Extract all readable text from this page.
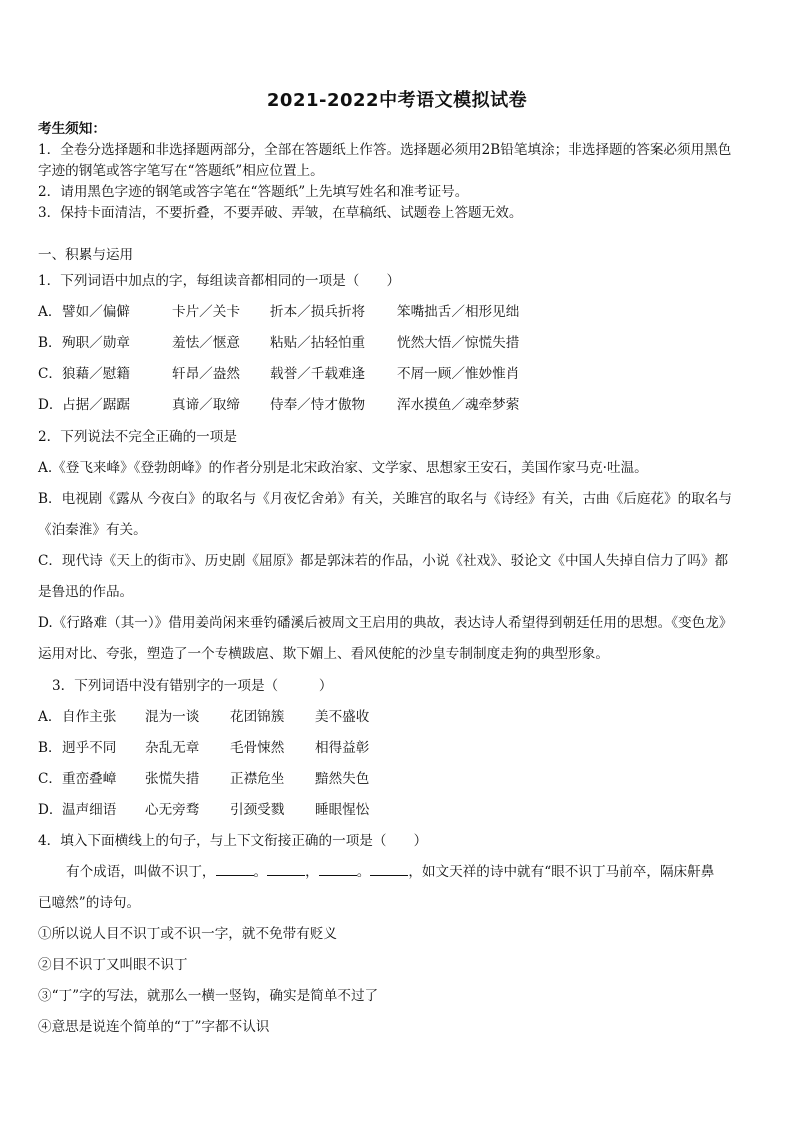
2021-2022中考语文模拟试卷
考生须知：
1．全卷分选择题和非选择题两部分，全部在答题纸上作答。选择题必须用2B铅笔填涂；非选择题的答案必须用黑色
字迹的钢笔或答字笔写在“答题纸”相应位置上。
2．请用黑色字迹的钢笔或答字笔在“答题纸”上先填写姓名和准考证号。
3．保持卡面清洁，不要折叠，不要弄破、弄皱，在草稿纸、试题卷上答题无效。
一、积累与运用
1．下列词语中加点的字，每组读音都相同的一项是（　　）
A．譬如／偏僻	卡片／关卡 折本／损兵折将 笨嘴拙舌／相形见绌
B．殉职／勋章	羞怯／惬意 粘贴／拈轻怕重 恍然大悟／惊慌失措
C．狼藉／慰籍	轩昂／盎然 载誉／千载难逢 不屑一顾／惟妙惟肖
D．占据／踞踞	真谛／取缔 侍奉／恃才傲物 浑水摸鱼／魂牵梦萦
2．下列说法不完全正确的一项是
A.《登飞来峰》《登勃朗峰》的作者分别是北宋政治家、文学家、思想家王安石，美国作家马克·吐温。
B．电视剧《露从 今夜白》的取名与《月夜忆舍弟》有关，关雎宫的取名与《诗经》有关，古曲《后庭花》的取名与
《泊秦淮》有关。
C．现代诗《天上的街市》、历史剧《屈原》都是郭沫若的作品，小说《社戏》、驳论文《中国人失掉自信力了吗》都
是鲁迅的作品。
D.《行路难（其一）》借用姜尚闲来垂钓磻溪后被周文王启用的典故，表达诗人希望得到朝廷任用的思想。《变色龙》
运用对比、夸张，塑造了一个专横跋扈、欺下媚上、看风使舵的沙皇专制制度走狗的典型形象。
3．下列词语中没有错别字的一项是（　　　）
A．自作主张 混为一谈 花团锦簇 美不盛收
B．迥乎不同 杂乱无章 毛骨悚然 相得益彰
C．重峦叠嶂 张慌失措 正襟危坐 黯然失色
D．温声细语 心无旁骛 引颈受戮 睡眼惺忪
4．填入下面横线上的句子，与上下文衔接正确的一项是（　　）
有个成语，叫做不识丁，	。	，	。	，如文天祥的诗中就有“眼不识丁马前卒，隔床鼾鼻
已噫然”的诗句。
①所以说人目不识丁或不识一字，就不免带有贬义
②目不识丁又叫眼不识丁
③“丁”字的写法，就那么一横一竖钩，确实是简单不过了
④意思是说连个简单的“丁”字都不认识
